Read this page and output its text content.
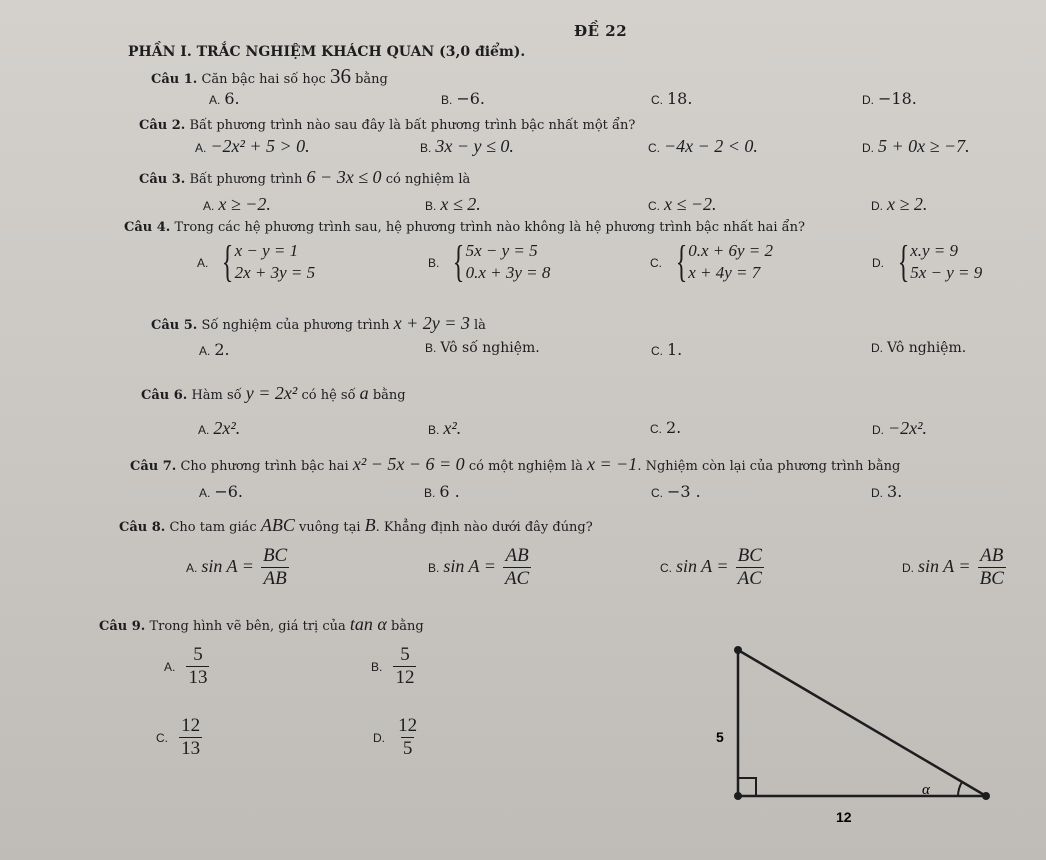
ĐỀ 22
PHẦN I. TRẮC NGHIỆM KHÁCH QUAN (3,0 điểm).
Câu 1. Căn bậc hai số học 36 bằng
A. 6.	B. −6.	C. 18.	D. −18.
Câu 2. Bất phương trình nào sau đây là bất phương trình bậc nhất một ẩn?
A. −2x² + 5 > 0.	B. 3x − y ≤ 0.	C. −4x − 2 < 0.	D. 5 + 0x ≥ −7.
Câu 3. Bất phương trình 6 − 3x ≤ 0 có nghiệm là
A. x ≥ −2.	B. x ≤ 2.	C. x ≤ −2.	D. x ≥ 2.
Câu 4. Trong các hệ phương trình sau, hệ phương trình nào không là hệ phương trình bậc nhất hai ẩn?
A. { x − y = 1
2x + 3y = 5
B. { 5x − y = 5
0.x + 3y = 8
C. { 0.x + 6y = 2
x + 4y = 7
D. { x.y = 9
5x − y = 9
Câu 5. Số nghiệm của phương trình x + 2y = 3 là
A. 2.	B. Vô số nghiệm.	C. 1.	D. Vô nghiệm.
Câu 6. Hàm số y = 2x² có hệ số a bằng
A. 2x².	B. x².	C. 2.	D. −2x².
Câu 7. Cho phương trình bậc hai x² − 5x − 6 = 0 có một nghiệm là x = −1. Nghiệm còn lại của phương trình bằng
A. −6.	B. 6 .	C. −3 .	D. 3.
Câu 8. Cho tam giác ABC vuông tại B. Khẳng định nào dưới đây đúng?
A. $\sin A = \frac{BC}{AB}$	B. $\sin A = \frac{AB}{AC}$	C. $\sin A = \frac{BC}{AC}$	D. $\sin A = \frac{AB}{BC}$
Câu 9. Trong hình vẽ bên, giá trị của tan α bằng
A. $\frac{5}{13}$	B. $\frac{5}{12}$
C. $\frac{12}{13}$	D. $\frac{12}{5}$	5
12
α
